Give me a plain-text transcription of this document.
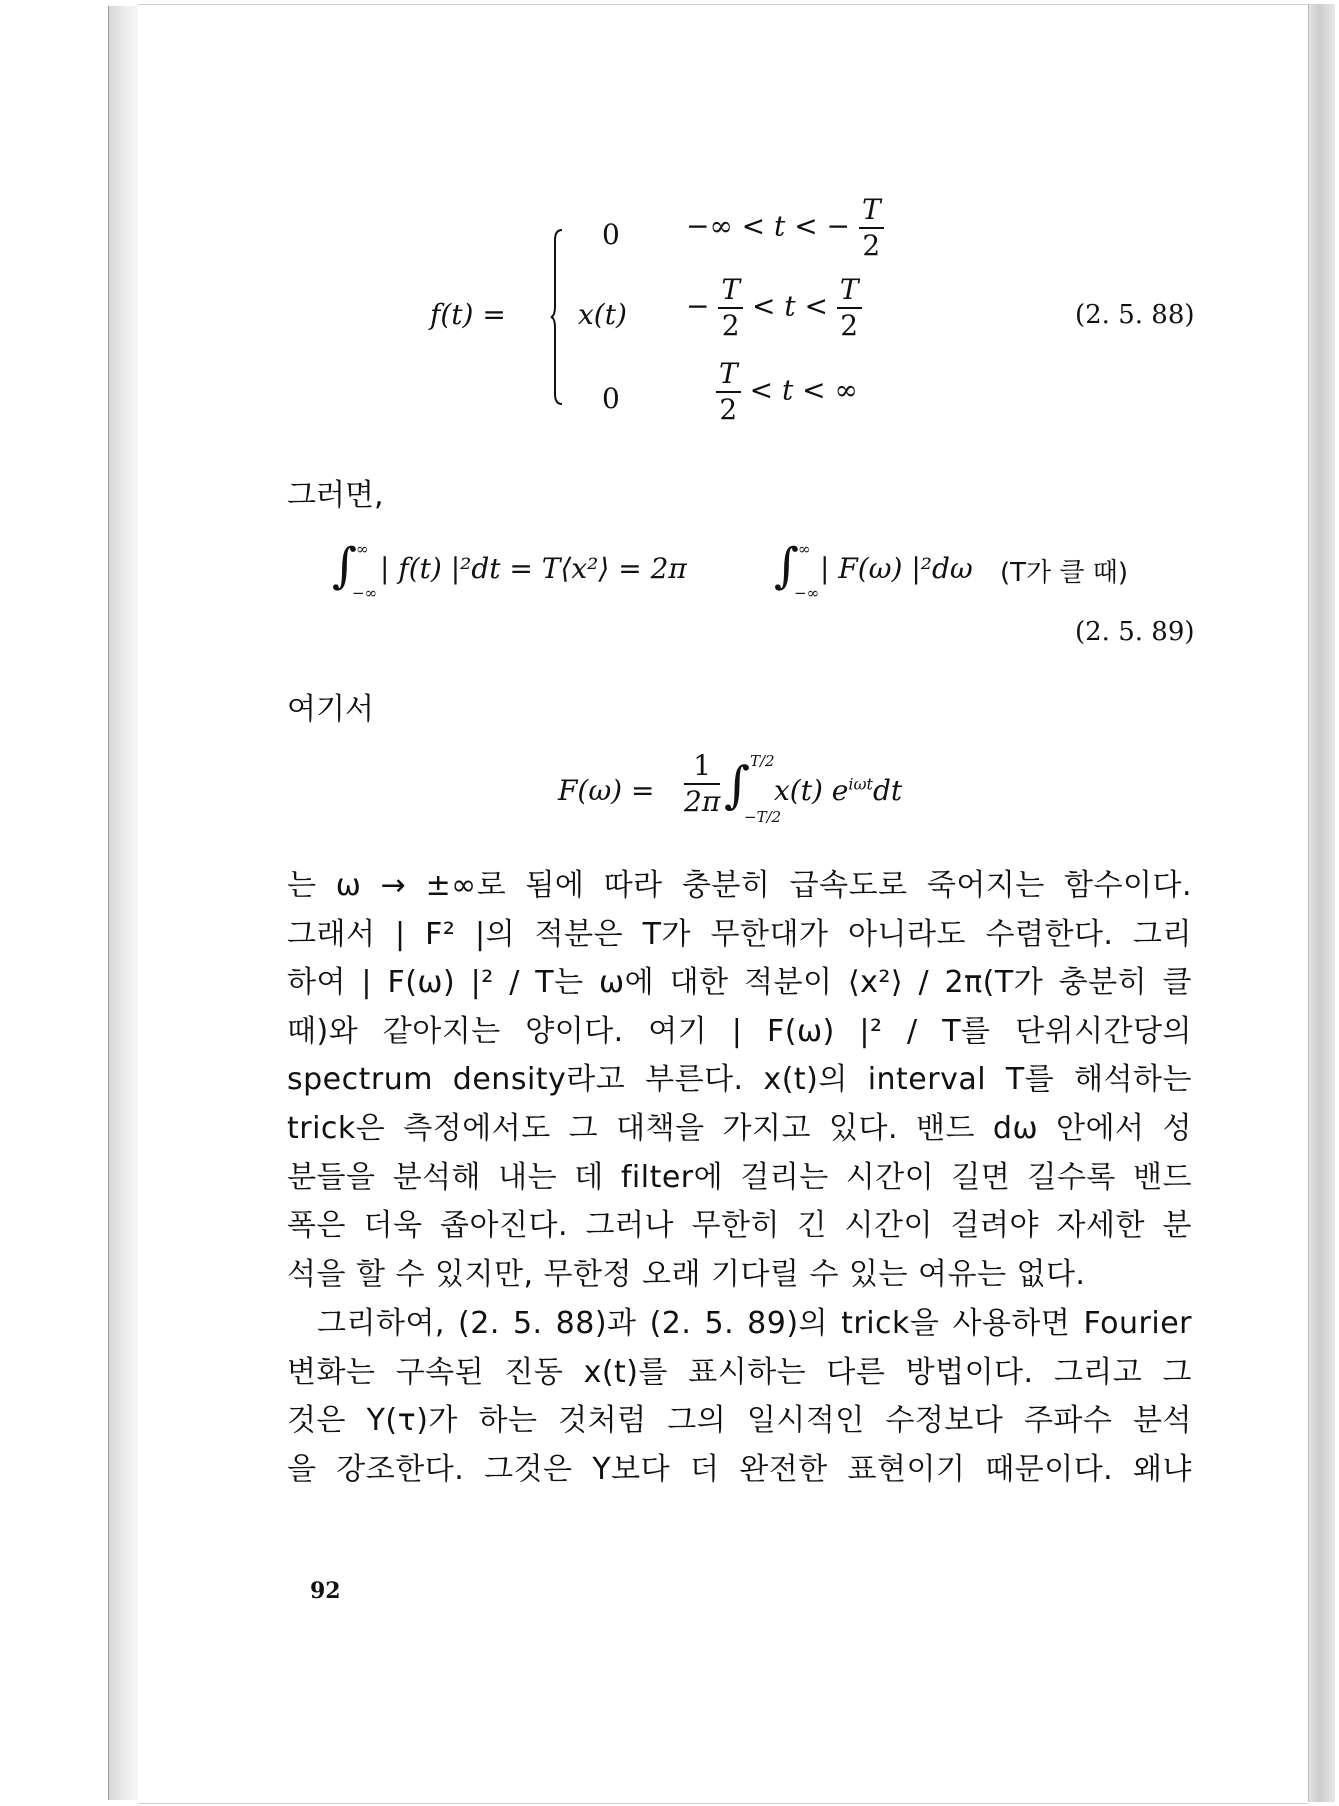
f(t) =
0 −∞ < t < − $\frac{T}{2}$
$x(t) - \frac{T}{2} < t < \frac{T}{2}$	(2. 5. 88)
0	$\frac{T}{2} < t$ < ∞
그러면,
∫
∞
−∞
| f(t) |²dt = T⟨x²⟩ = 2π ∫
∞
−∞
| F(ω) |²dω (T가 클 때)
(2. 5. 89)
여기서
$F(\omega) = \frac{1}{2\pi}$ ∫ T/2
−T/2
x(t) $e^{i\omega t}dt$
는 ω → ±∞로 됨에 따라 충분히 급속도로 죽어지는 함수이다.
그래서 | F² |의 적분은 T가 무한대가 아니라도 수렴한다. 그리
하여 | F(ω) |² / T는 ω에 대한 적분이 ⟨x²⟩ / 2π(T가 충분히 클
때)와 같아지는 양이다. 여기 | F(ω) |² / T를 단위시간당의
spectrum density라고 부른다. x(t)의 interval T를 해석하는
trick은 측정에서도 그 대책을 가지고 있다. 밴드 dω 안에서 성
분들을 분석해 내는 데 filter에 걸리는 시간이 길면 길수록 밴드
폭은 더욱 좁아진다. 그러나 무한히 긴 시간이 걸려야 자세한 분
석을 할 수 있지만, 무한정 오래 기다릴 수 있는 여유는 없다.
그리하여, (2. 5. 88)과 (2. 5. 89)의 trick을 사용하면 Fourier
변화는 구속된 진동 x(t)를 표시하는 다른 방법이다. 그리고 그
것은 Υ(τ)가 하는 것처럼 그의 일시적인 수정보다 주파수 분석
을 강조한다. 그것은 Υ보다 더 완전한 표현이기 때문이다. 왜냐
92
